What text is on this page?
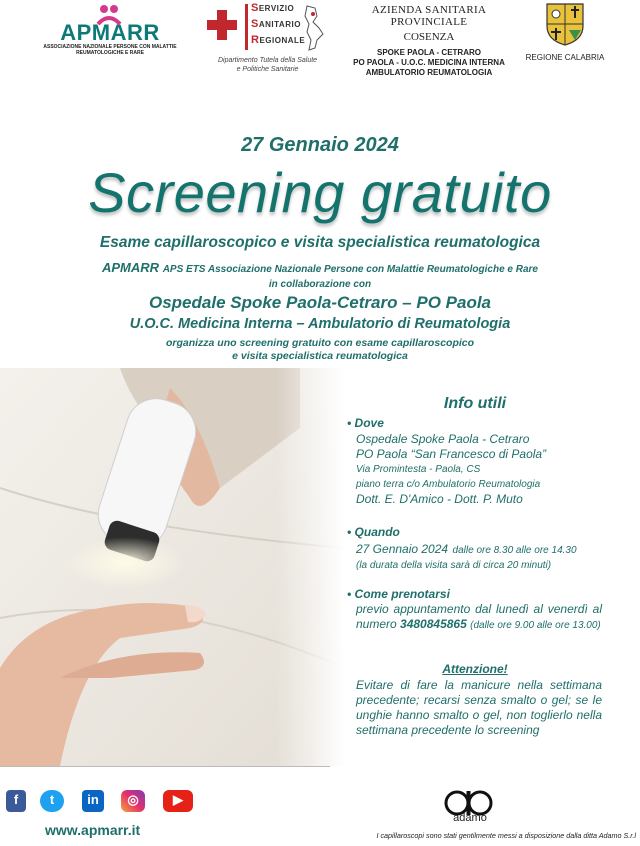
APMARR
ASSOCIAZIONE NAZIONALE PERSONE CON MALATTIE REUMATOLOGICHE E RARE
SERVIZIO
SANITARIO
REGIONALE
Dipartimento Tutela della Salute
e Politiche Sanitarie
AZIENDA SANITARIA PROVINCIALE
COSENZA
SPOKE PAOLA - CETRARO
PO PAOLA - U.O.C. MEDICINA INTERNA
AMBULATORIO REUMATOLOGIA
REGIONE CALABRIA
27 Gennaio 2024
Screening gratuito
Esame capillaroscopico e visita specialistica reumatologica
APMARR APS ETS Associazione Nazionale Persone con Malattie Reumatologiche e Rare
in collaborazione con
Ospedale Spoke Paola-Cetraro – PO Paola
U.O.C. Medicina Interna – Ambulatorio di Reumatologia
organizza uno screening gratuito con esame capillaroscopico
e visita specialistica reumatologica
Info utili
• Dove
Ospedale Spoke Paola - Cetraro
PO Paola “San Francesco di Paola”
Via Promintesta - Paola, CS
piano terra c/o Ambulatorio Reumatologia
Dott. E. D'Amico - Dott. P. Muto
• Quando
27 Gennaio 2024 dalle ore 8.30 alle ore 14.30
(la durata della visita sarà di circa 20 minuti)
• Come prenotarsi
previo appuntamento dal lunedì al venerdì al numero 3480845865 (dalle ore 9.00 alle ore 13.00)
Attenzione!
Evitare di fare la manicure nella settimana precedente; recarsi senza smalto o gel; se le unghie hanno smalto o gel, non toglierlo nella settimana precedente lo screening
f	t	in	◎	▶
www.apmarr.it
adamo
I capillaroscopi sono stati gentilmente messi a disposizione dalla ditta Adamo S.r.l
